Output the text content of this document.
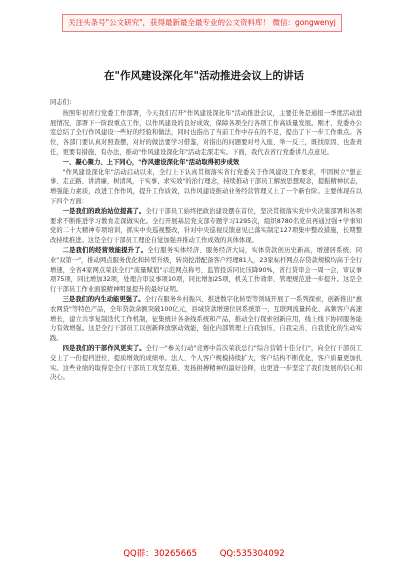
关注头条号"公文研究"，获得最新最全最专业的公文资料库！ 微信：gongwenyj
在"作风建设深化年"活动推进会议上的讲话

同志们：

按照年初省行党委工作部署，今天我们召开"作风建设深化年"活动推进会议，主要任务是通报一季度活动进展情况，部署下一阶段重点工作，以作风建设的良好成效，保障各项全行各项工作高质量发展。刚才，党委办公室总结了全行作风建设一些好的经验和做法，同时也指出了当前工作中存在的不足，提出了下一步工作重点。各位，各部门要认真对照查摆，对好的做法要学习借鉴，对指出的问题要对号入座、举一反三，既找原因、也查责任，更要有措施、有办法，推动"作风建设深化年"活动走深走实。下面，我代表省行党委讲几点意见。

一、凝心聚力、上下同心，"作风建设深化年"活动取得初步成效

"作风建设深化年"活动启动以来，全行上下认真贯彻落实省行党委关于作风建设工作要求，牢固树立"想正事、走正路、讲清廉、树清风，干实事、求实效"的治行理念，持续推动干部员工解放思想观念，提振精神状态，增强能力素质，改进工作作风，提升工作质效，以作风建设推动业务经营管理又上了一个新台阶。主要体现在以下四个方面：

一是我们的政治站位提高了。全行干部员工始终把政治建设摆在首位，坚决贯彻落实党中央决策部署和各项要求不断推进学习教育走深做实化。全行开展基层党支部专题学习1295次，组织8780名党员再通过强+学事知党的二十大精神专项培训，抓实中央巡视整改，针对中央巡视反馈意见已落实制定127项集中整改措施，长期整改持续推进。这是全行干部员工理论自觉加强并推动工作成效的具体体现。

二是我们的经营效能提升了。全行服务实体经济、服务经济大局，实体贷款创历史新高，增速居系统、同业"双第一"，推动网点服务优化和转型升级，转岗挖潜配备客户经理81人，23家标杆网点存贷款规模均高于全行增速，全省4家网点荣获全行"流量赋值"示范网点称号，监管投诉同比压降90%，省行贷审会一周一会，审议事项75项，同比增加32项，处理合审议事项10项，同比增加25项，机关工作效率、管理规范进一步提升。这是全行干部员工作业面貌精神明显提升的最好证明。

三是我们的内生动能更强了。全行在服务乡村振兴、推进数字化转型等领域开展了一系列探索，创新推出"惠农网贷"等特色产品，全年贷款余额突破100亿元，县域贷款增速位居系统第一，互联网流量转化、高频客户高速增长，建立共享复制迭代工作机制，征集统计各条线系统和产品，推动全行探索创新应用，线上线下协同服务能力有效增强。这是全行干部员工以创新释放驱动效能，强化内部管理上自我加压、自我完善、自我优化的生动实践。

四是我们的干部作风更实了。全行一"参关行动"竞赛中首次荣获总行"综合营销十佳分行"，向全行干部员工交上了一份提档进位、提质增效的成绩单。法人、个人客户规模持续扩大，客户结构不断优化，客户质量更加扎实。这些业绩的取得是全行干部员工攻坚克难、发扬拼搏精神的最好诠释，也更进一步坚定了我们发展的信心和决心。

QQ群：30265665	QQ:535304092
